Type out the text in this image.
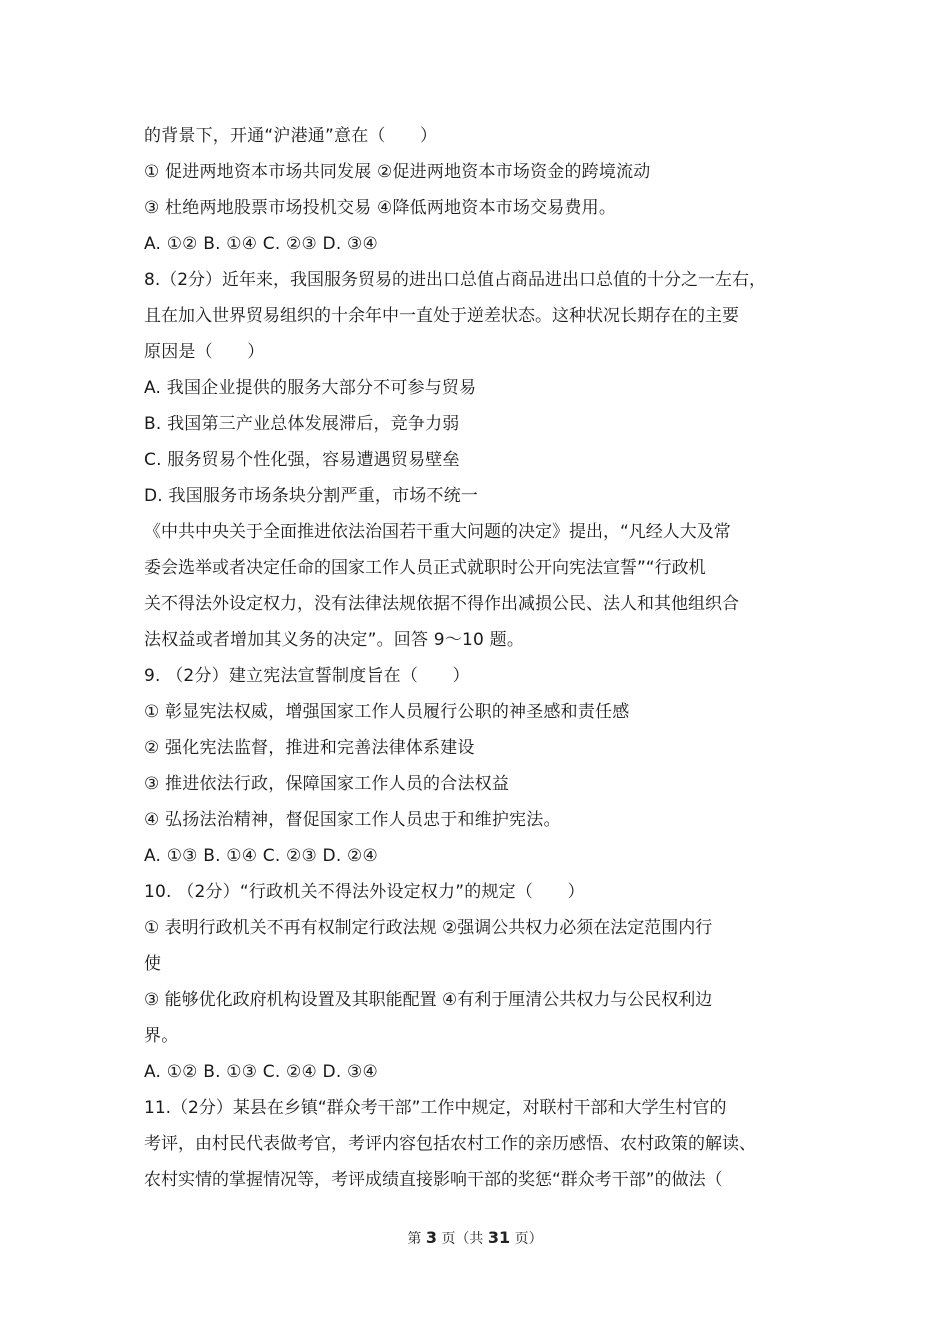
的背景下，开通“沪港通”意在（　　）
① 促进两地资本市场共同发展 ②促进两地资本市场资金的跨境流动
③ 杜绝两地股票市场投机交易 ④降低两地资本市场交易费用。
A. ①② B. ①④ C. ②③ D. ③④
8.（2分）近年来，我国服务贸易的进出口总值占商品进出口总值的十分之一左右，
且在加入世界贸易组织的十余年中一直处于逆差状态。这种状况长期存在的主要
原因是（　　）
A. 我国企业提供的服务大部分不可参与贸易
B. 我国第三产业总体发展滞后，竞争力弱
C. 服务贸易个性化强，容易遭遇贸易壁垒
D. 我国服务市场条块分割严重，市场不统一
《中共中央关于全面推进依法治国若干重大问题的决定》提出，“凡经人大及常
委会选举或者决定任命的国家工作人员正式就职时公开向宪法宣誓”“行政机
关不得法外设定权力，没有法律法规依据不得作出减损公民、法人和其他组织合
法权益或者增加其义务的决定”。回答 9～10 题。
9. （2分）建立宪法宣誓制度旨在（　　）
① 彰显宪法权威，增强国家工作人员履行公职的神圣感和责任感
② 强化宪法监督，推进和完善法律体系建设
③ 推进依法行政，保障国家工作人员的合法权益
④ 弘扬法治精神，督促国家工作人员忠于和维护宪法。
A. ①③ B. ①④ C. ②③ D. ②④
10. （2分）“行政机关不得法外设定权力”的规定（　　）
① 表明行政机关不再有权制定行政法规 ②强调公共权力必须在法定范围内行
使
③ 能够优化政府机构设置及其职能配置 ④有利于厘清公共权力与公民权利边
界。
A. ①② B. ①③ C. ②④ D. ③④
11.（2分）某县在乡镇“群众考干部”工作中规定，对联村干部和大学生村官的
考评，由村民代表做考官，考评内容包括农村工作的亲历感悟、农村政策的解读、
农村实情的掌握情况等，考评成绩直接影响干部的奖惩“群众考干部”的做法（
第 3 页（共 31 页）
